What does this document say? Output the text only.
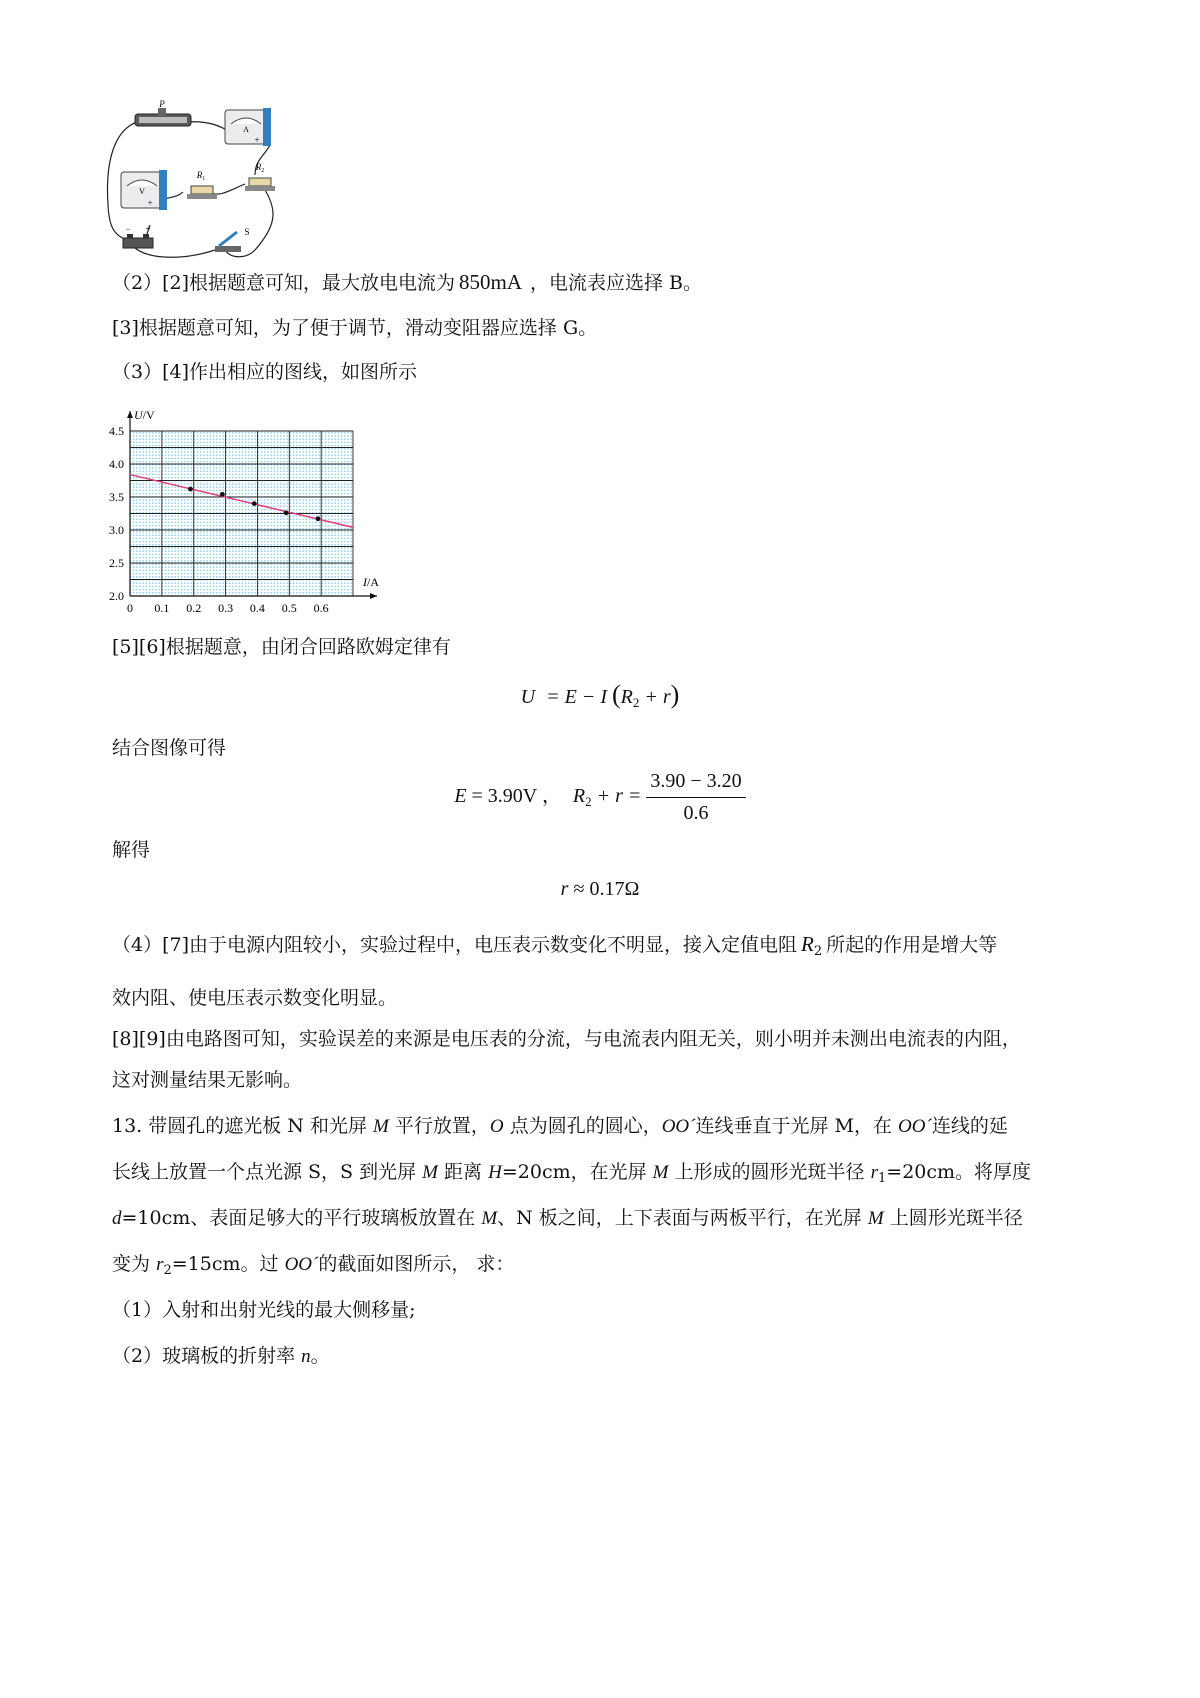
P
A
+
V
+
$R_1$
$R_2$
− +	S
（2）[2]根据题意可知，最大放电电流为 850mA ，电流表应选择 B。
[3]根据题意可知，为了便于调节，滑动变阻器应选择 G。
（3）[4]作出相应的图线，如图所示
0 0.1 0.2 0.3 0.4 0.5 0.6
2.0
2.5
3.0
3.5
4.0
4.5
I/A
U/V
[5][6]根据题意，由闭合回路欧姆定律有
U = E − I $(R_2 + r)$
结合图像可得
E = 3.90V ， $R_2 + r = \frac{3.90 - 3.20}{0.6}$
解得
r ≈ 0.17Ω
（4）[7]由于电源内阻较小，实验过程中，电压表示数变化不明显，接入定值电阻 $R_2$ 所起的作用是增大等
效内阻、使电压表示数变化明显。
[8][9]由电路图可知，实验误差的来源是电压表的分流，与电流表内阻无关，则小明并未测出电流表的内阻，
这对测量结果无影响。
13. 带圆孔的遮光板 N 和光屏 M 平行放置，O 点为圆孔的圆心，OO´连线垂直于光屏 M，在 OO´连线的延
长线上放置一个点光源 S，S 到光屏 M 距离 H=20cm，在光屏 M 上形成的圆形光斑半径 $r_1=20cm$。将厚度
d=10cm、表面足够大的平行玻璃板放置在 M、N 板之间，上下表面与两板平行，在光屏 M 上圆形光斑半径
变为 $r_2=15cm$。过 OO´的截面如图所示， 求：
（1）入射和出射光线的最大侧移量;
（2）玻璃板的折射率 n。
